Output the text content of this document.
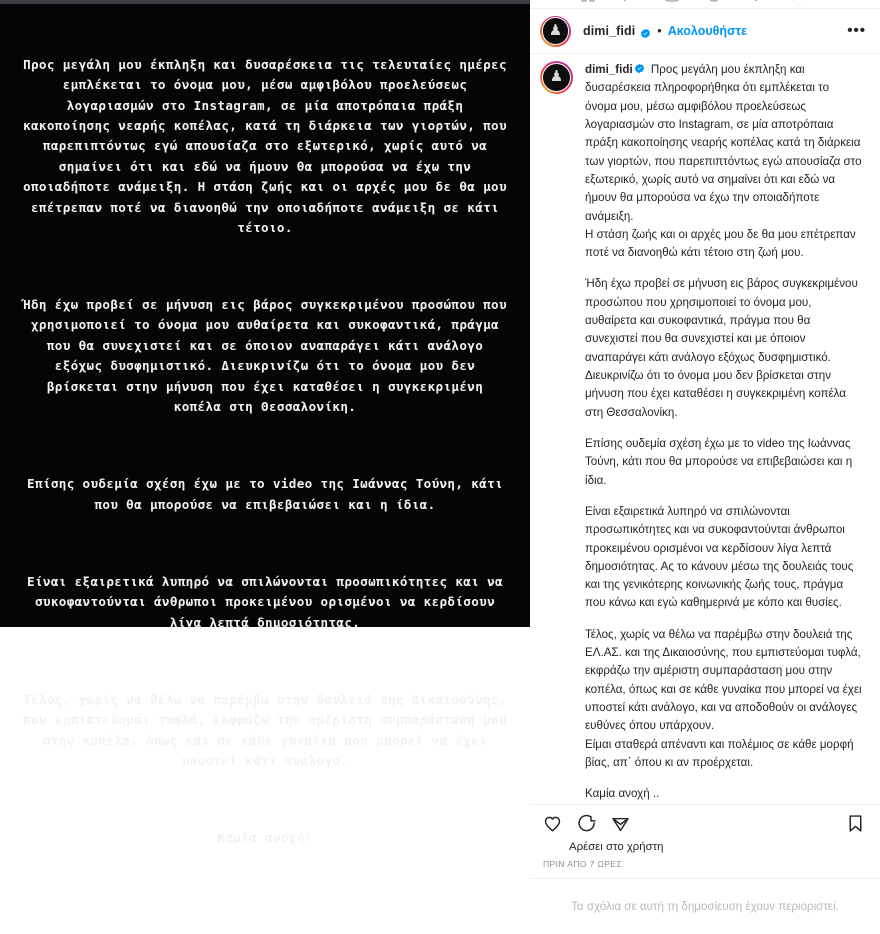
Προς μεγάλη μου έκπληξη και δυσαρέσκεια τις τελευταίες ημέρες εμπλέκεται το όνομα μου, μέσω αμφιβόλου προελεύσεως λογαριασμών στο Instagram, σε μία αποτρόπαια πράξη κακοποίησης νεαρής κοπέλας, κατά τη διάρκεια των γιορτών, που παρεπιπτόντως εγώ απουσίαζα στο εξωτερικό, χωρίς αυτό να σημαίνει ότι και εδώ να ήμουν θα μπορούσα να έχω την οποιαδήποτε ανάμειξη. Η στάση ζωής και οι αρχές μου δε θα μου επέτρεπαν ποτέ να διανοηθώ την οποιαδήποτε ανάμειξη σε κάτι τέτοιο.

Ήδη έχω προβεί σε μήνυση εις βάρος συγκεκριμένου προσώπου που χρησιμοποιεί το όνομα μου αυθαίρετα και συκοφαντικά, πράγμα που θα συνεχιστεί και σε όποιον αναπαράγει κάτι ανάλογο εξόχως δυσφημιστικό. Διευκρινίζω ότι το όνομα μου δεν βρίσκεται στην μήνυση που έχει καταθέσει η συγκεκριμένη κοπέλα στη Θεσσαλονίκη.

Επίσης ουδεμία σχέση έχω με το video της Ιωάννας Τούνη, κάτι που θα μπορούσε να επιβεβαιώσει και η ίδια.

Είναι εξαιρετικά λυπηρό να σπιλώνονται προσωπικότητες και να συκοφαντούνται άνθρωποι προκειμένου ορισμένοι να κερδίσουν λίγα λεπτά δημοσιότητας.

Τέλος, χωρίς να θέλω να παρέμβω στην δουλειά της Δικαιοσύνης, που εμπιστεύομαι τυφλά, εκφράζω την αμέριστη συμπαράσταση μου στην κοπέλα, όπως και σε κάθε γυναίκα που μπορεί να έχει υποστεί κάτι ανάλογο.

Καμία ανοχή!

♟ dimi_fidi • Ακολουθήστε	•••
♟ dimi_fidi Προς μεγάλη μου έκπληξη και δυσαρέσκεια πληροφορήθηκα ότι εμπλέκεται το όνομα μου, μέσω αμφιβόλου προελεύσεως λογαριασμών στο Instagram, σε μία αποτρόπαια πράξη κακοποίησης νεαρής κοπέλας κατά τη διάρκεια των γιορτών, που παρεπιπτόντως εγώ απουσίαζα στο εξωτερικό, χωρίς αυτό να σημαίνει ότι και εδώ να ήμουν θα μπορούσα να έχω την οποιαδήποτε ανάμειξη.

Η στάση ζωής και οι αρχές μου δε θα μου επέτρεπαν ποτέ να διανοηθώ κάτι τέτοιο στη ζωή μου.

Ήδη έχω προβεί σε μήνυση εις βάρος συγκεκριμένου προσώπου που χρησιμοποιεί το όνομα μου, αυθαίρετα και συκοφαντικά, πράγμα που θα συνεχιστεί που θα συνεχιστεί και με όποιον αναπαράγει κάτι ανάλογο εξόχως δυσφημιστικό. Διευκρινίζω ότι το όνομα μου δεν βρίσκεται στην μήνυση που έχει καταθέσει η συγκεκριμένη κοπέλα στη Θεσσαλονίκη.

Επίσης ουδεμία σχέση έχω με το video της Ιωάννας Τούνη, κάτι που θα μπορούσε να επιβεβαιώσει και η ίδια.

Είναι εξαιρετικά λυπηρό να σπιλώνονται προσωπικότητες και να συκοφαντούνται άνθρωποι προκειμένου ορισμένοι να κερδίσουν λίγα λεπτά δημοσιότητας. Ας το κάνουν μέσω της δουλειάς τους και της γενικότερης κοινωνικής ζωής τους, πράγμα που κάνω και εγώ καθημερινά με κόπο και θυσίες.

Τέλος, χωρίς να θέλω να παρέμβω στην δουλειά της ΕΛ.ΑΣ. και της Δικαιοσύνης, που εμπιστεύομαι τυφλά, εκφράζω την αμέριστη συμπαράσταση μου στην κοπέλα, όπως και σε κάθε γυναίκα που μπορεί να έχει υποστεί κάτι ανάλογο, και να αποδοθούν οι ανάλογες ευθύνες όπου υπάρχουν.

Είμαι σταθερά απέναντι και πολέμιος σε κάθε μορφή βίας, απ΄ όπου κι αν προέρχεται.

Καμία ανοχή ..

Αρέσει στο χρήστη
ΠΡΙΝ ΑΠΟ 7 ΩΡΕΣ
Τα σχόλια σε αυτή τη δημοσίευση έχουν περιοριστεί.
